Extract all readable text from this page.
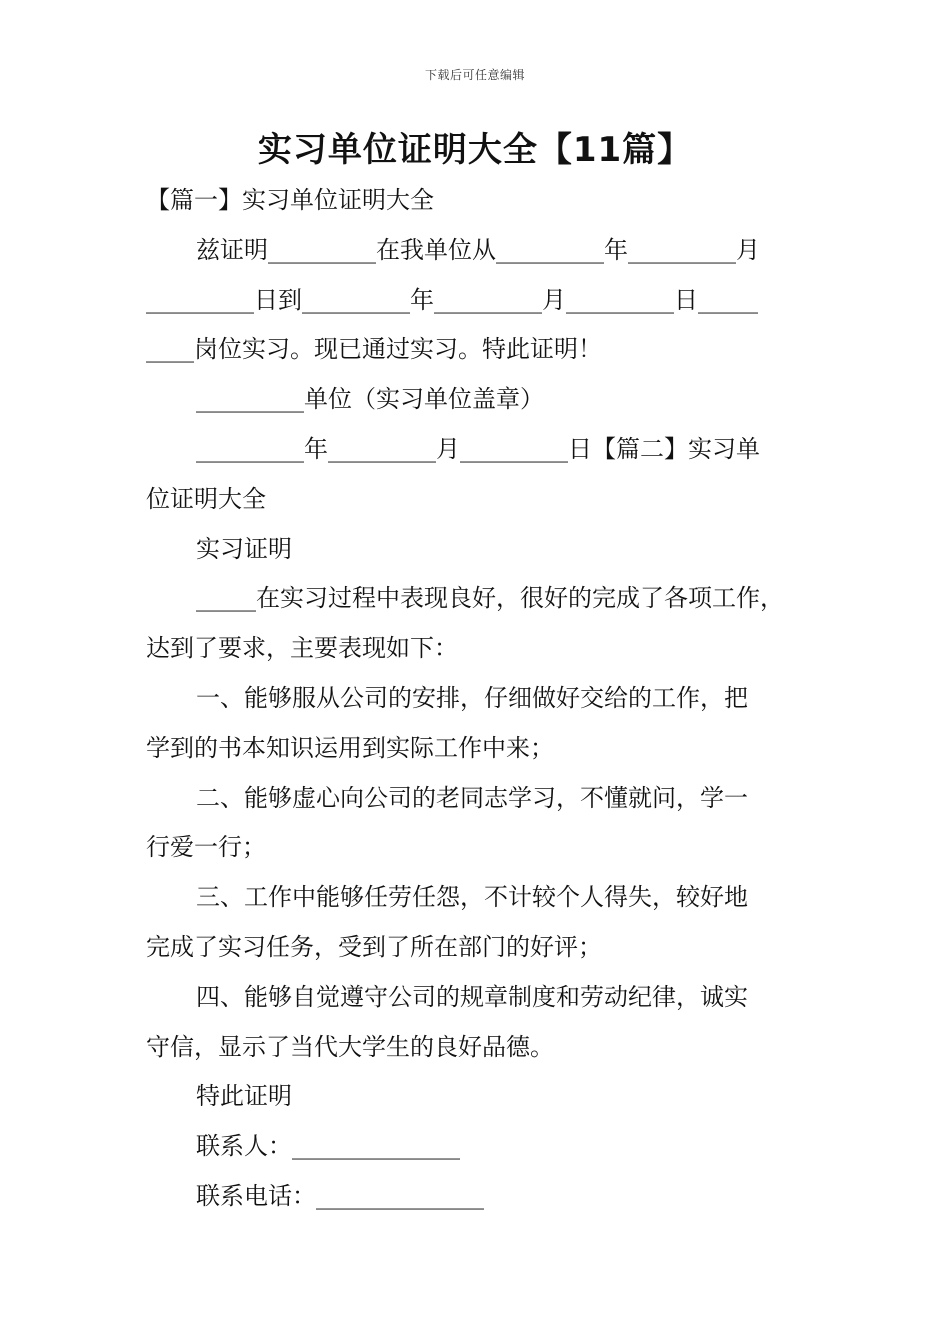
下载后可任意编辑
实习单位证明大全【11篇】
【篇一】实习单位证明大全
兹证明_________在我单位从_________年_________月
_________日到_________年_________月_________日_____
____岗位实习。现已通过实习。特此证明！
_________单位（实习单位盖章）
_________年_________月_________日【篇二】实习单
位证明大全
实习证明
_____在实习过程中表现良好，很好的完成了各项工作，
达到了要求，主要表现如下：
一、能够服从公司的安排，仔细做好交给的工作，把
学到的书本知识运用到实际工作中来；
二、能够虚心向公司的老同志学习，不懂就问，学一
行爱一行；
三、工作中能够任劳任怨，不计较个人得失，较好地
完成了实习任务，受到了所在部门的好评；
四、能够自觉遵守公司的规章制度和劳动纪律，诚实
守信，显示了当代大学生的良好品德。
特此证明
联系人：______________
联系电话：______________
